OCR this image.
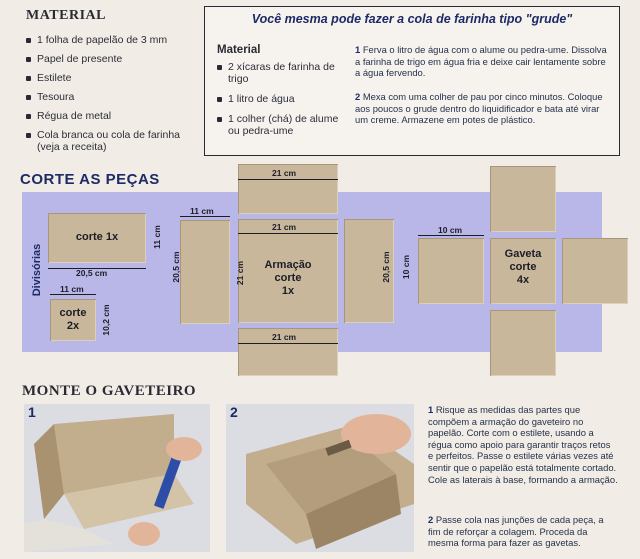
MATERIAL
1 folha de papelão de 3 mm
Papel de presente
Estilete
Tesoura
Régua de metal
Cola branca ou cola de farinha (veja a receita)
Você mesma pode fazer a cola de farinha tipo "grude"
Material
2 xícaras de farinha de trigo
1 litro de água
1 colher (chá) de alume ou pedra-ume
1 Ferva o litro de água com o alume ou pedra-ume. Dissolva a farinha de trigo em água fria e deixe cair lentamente sobre a água fervendo.
2 Mexa com uma colher de pau por cinco minutos. Coloque aos poucos o grude dentro do liquidificador e bata até virar um creme. Armazene em potes de plástico.
CORTE AS PEÇAS
Divisórias
corte 1x	11 cm
20,5 cm
11 cm
corte
2x	10,2 cm
11 cm
20,5 cm
21 cm
21 cm
21 cm	Armação
corte
1x
21 cm
20,5 cm
10 cm
10 cm
Gaveta
corte
4x
MONTE O GAVETEIRO
1	2	1 Risque as medidas das partes que compõem a armação do gaveteiro no papelão. Corte com o estilete, usando a régua como apoio para garantir traços retos e perfeitos. Passe o estilete várias vezes até sentir que o papelão está totalmente cortado. Cole as laterais à base, formando a armação.
2 Passe cola nas junções de cada peça, a fim de reforçar a colagem. Proceda da mesma forma para fazer as gavetas.
